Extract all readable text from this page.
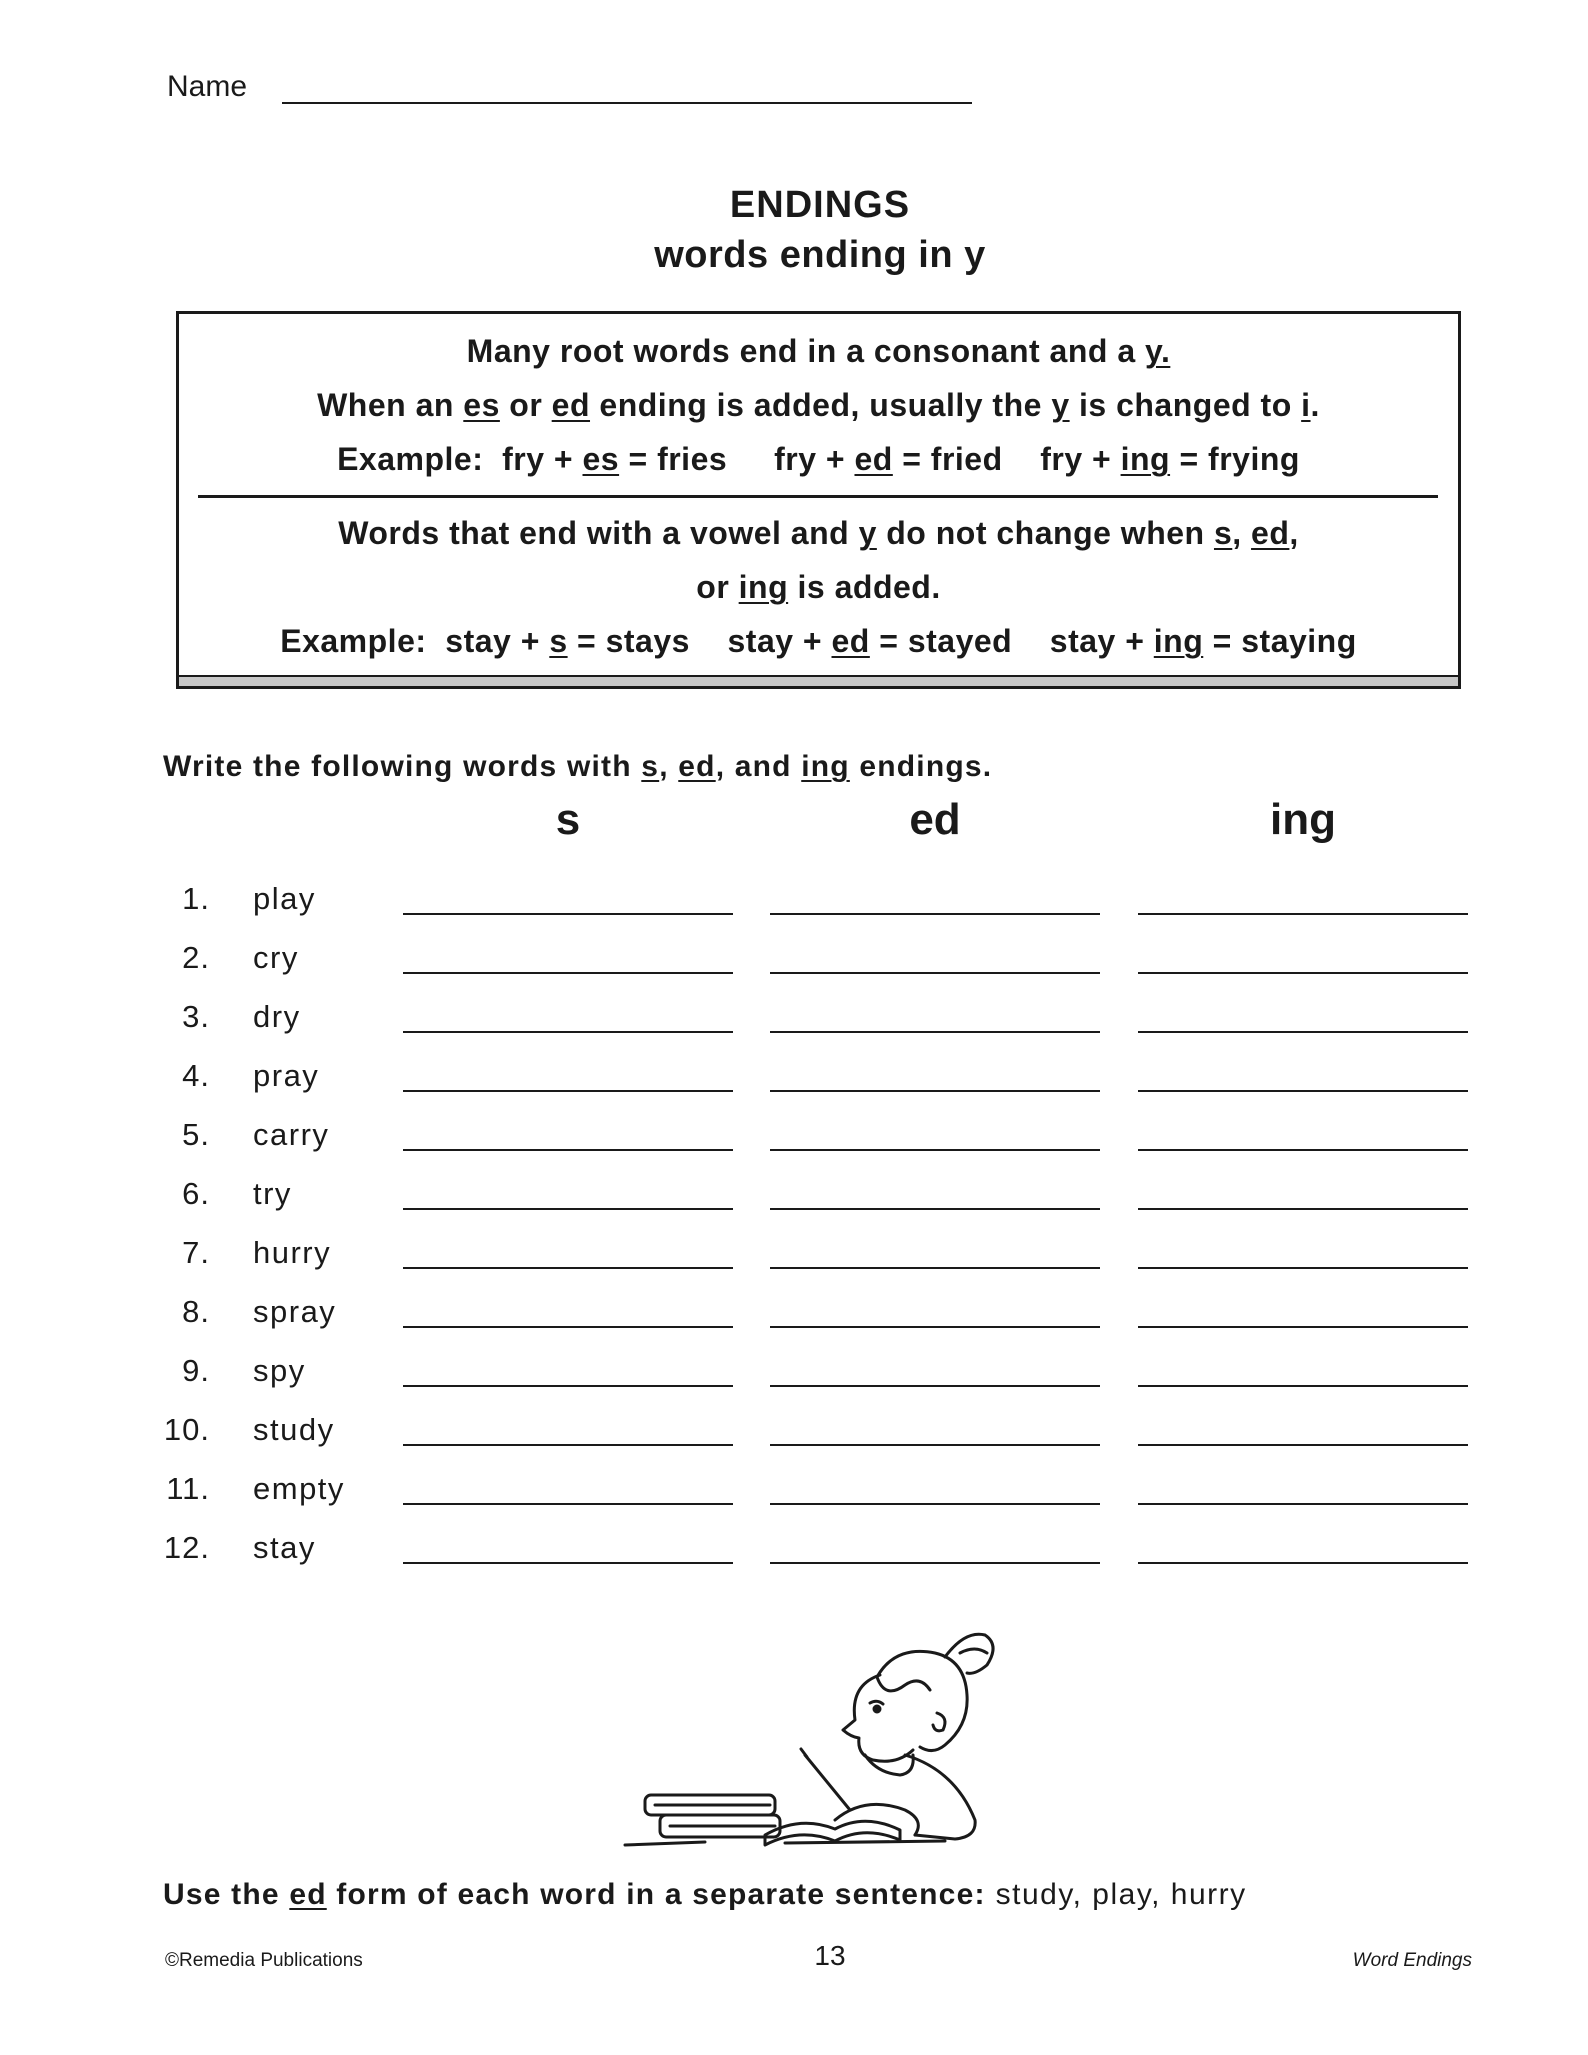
Name
ENDINGS
words ending in y
Many root words end in a consonant and a y.
When an es or ed ending is added, usually the y is changed to i.
Example: fry + es = fries fry + ed = fried fry + ing = frying
Words that end with a vowel and y do not change when s, ed,
or ing is added.
Example: stay + s = stays stay + ed = stayed stay + ing = staying
Write the following words with s, ed, and ing endings.
s	ed	ing
1. play
2. cry
3. dry
4. pray
5. carry
6. try
7. hurry
8. spray
9. spy
10. study
11. empty
12. stay
Use the ed form of each word in a separate sentence: study, play, hurry
©Remedia Publications	13	Word Endings
